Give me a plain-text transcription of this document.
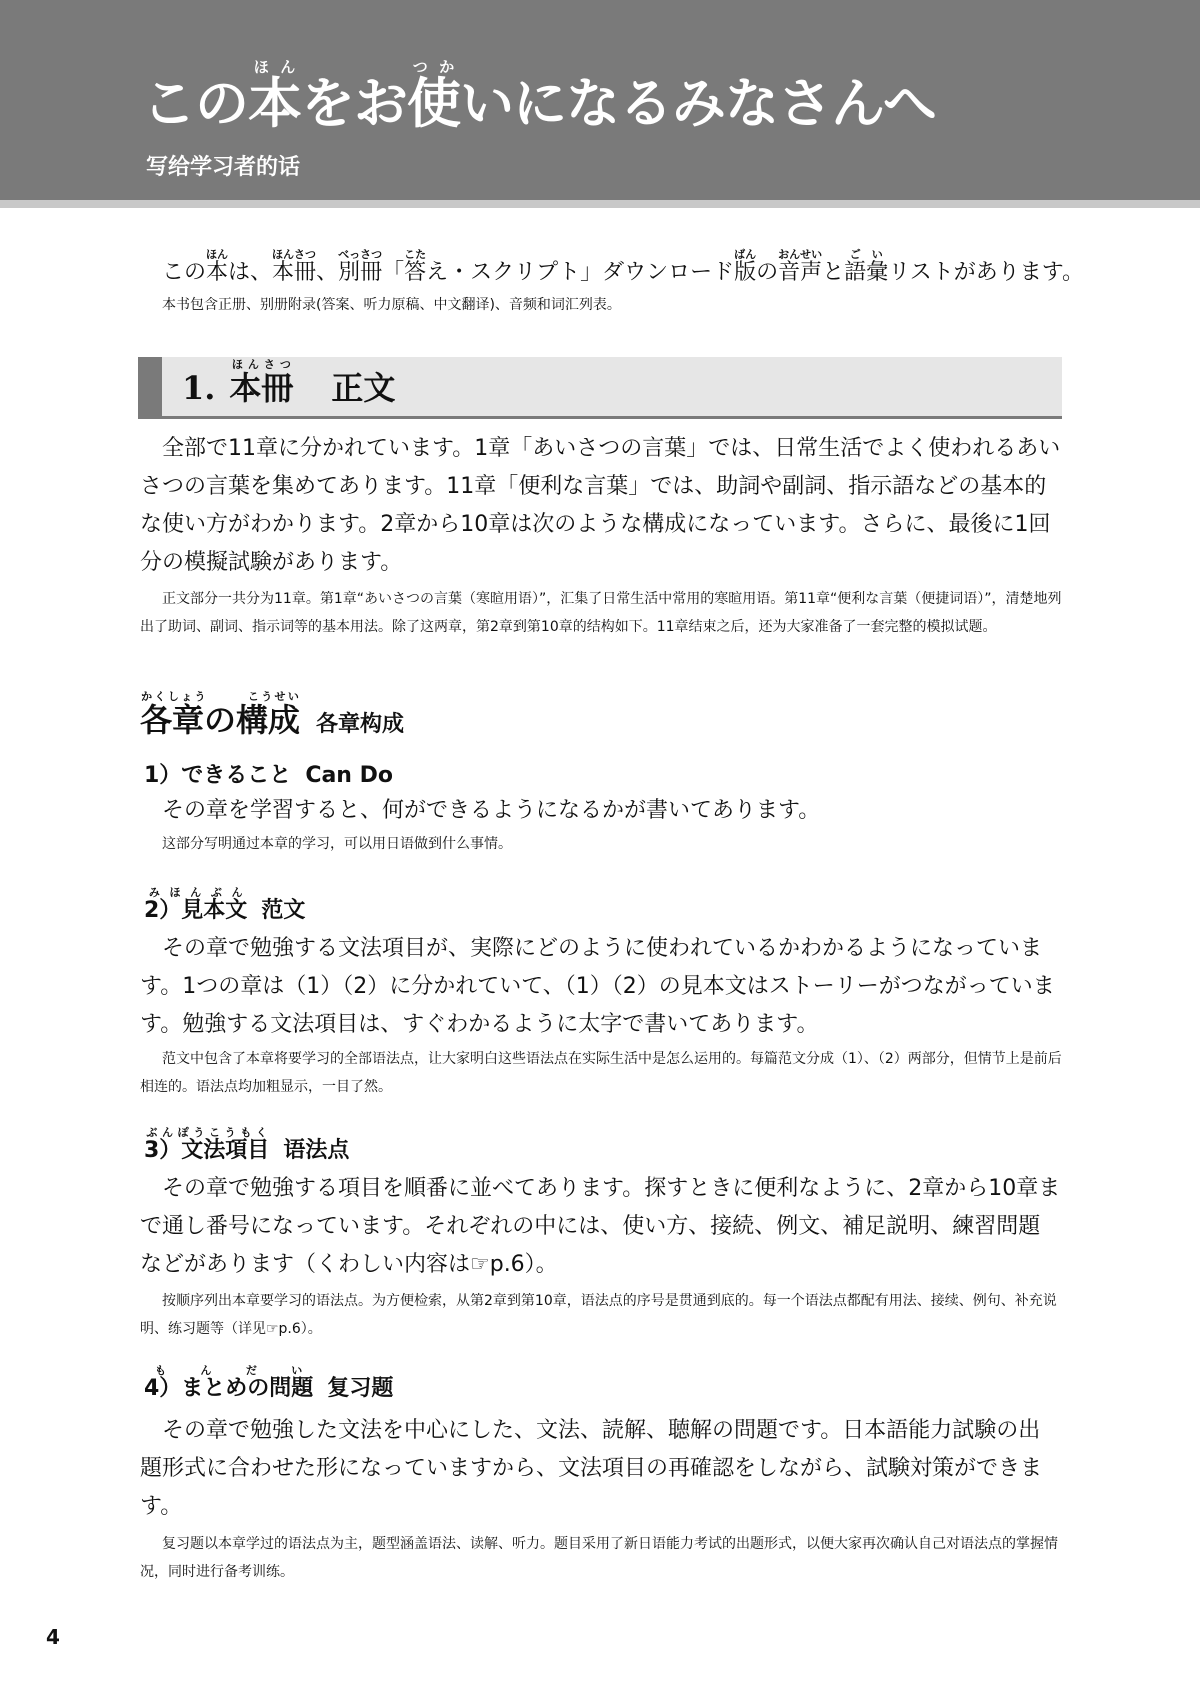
この本ほんをお使つかいになるみなさんへ
写给学习者的话
この本ほんは、本冊ほんさつ、別冊べっさつ「答こたえ・スクリプト」ダウンロード版ばんの音声おんせいと語彙ごいリストがあります。
本书包含正册、别册附录(答案、听力原稿、中文翻译)、音频和词汇列表。
1. 本冊ほんさつ正文
全部で11章に分かれています。1章「あいさつの言葉」では、日常生活でよく使われるあいさつの言葉を集めてあります。11章「便利な言葉」では、助詞や副詞、指示語などの基本的な使い方がわかります。2章から10章は次のような構成になっています。さらに、最後に1回分の模擬試験があります。
正文部分一共分为11章。第1章“あいさつの言葉（寒暄用语）”，汇集了日常生活中常用的寒暄用语。第11章“便利な言葉（便捷词语）”，清楚地列出了助词、副词、指示词等的基本用法。除了这两章，第2章到第10章的结构如下。11章结束之后，还为大家准备了一套完整的模拟试题。
各章の構成かくしょう　　　	こうせい各章构成
1）できること Can Do
その章を学習すると、何ができるようになるかが書いてあります。
这部分写明通过本章的学习，可以用日语做到什么事情。
2）見本文みほんぶん范文
その章で勉強する文法項目が、実際にどのように使われているかわかるようになっています。1つの章は（1）（2）に分かれていて、（1）（2）の見本文はストーリーがつながっています。勉強する文法項目は、すぐわかるように太字で書いてあります。
范文中包含了本章将要学习的全部语法点，让大家明白这些语法点在实际生活中是怎么运用的。每篇范文分成（1）、（2）两部分，但情节上是前后相连的。语法点均加粗显示，一目了然。
3）文法項目ぶんぽうこうもく语法点
その章で勉強する項目を順番に並べてあります。探すときに便利なように、2章から10章まで通し番号になっています。それぞれの中には、使い方、接続、例文、補足説明、練習問題などがあります（くわしい内容は☞p.6）。
按顺序列出本章要学习的语法点。为方便检索，从第2章到第10章，语法点的序号是贯通到底的。每一个语法点都配有用法、接续、例句、补充说明、练习题等（详见☞p.6）。
4）まとめの問題もんだい复习题
その章で勉強した文法を中心にした、文法、読解、聴解の問題です。日本語能力試験の出題形式に合わせた形になっていますから、文法項目の再確認をしながら、試験対策ができます。
复习题以本章学过的语法点为主，题型涵盖语法、读解、听力。题目采用了新日语能力考试的出题形式，以便大家再次确认自己对语法点的掌握情况，同时进行备考训练。
4
